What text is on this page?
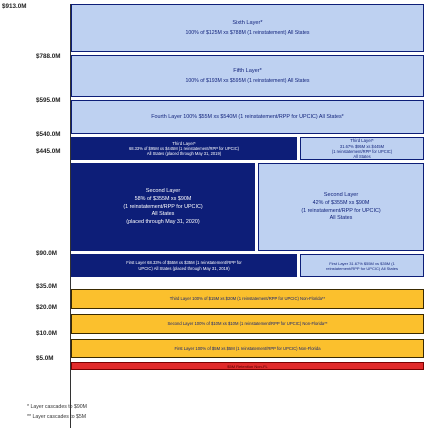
$913.0M
$788.0M
$595.0M
$540.0M
$445.0M
$90.0M
$35.0M
$20.0M
$10.0M
$5.0M
Sixth Layer*
100% of $125M xs $788M (1 reinstatement) All States
Fifth Layer*
100% of $193M xs $595M (1 reinstatement) All States
Fourth Layer 100% $55M xs $540M (1 reinstatement/RPP for UPCIC) All States*
Third Layer*
68.33% of $95M xs $445M (1 reinstatement/RPP for UPCIC)
All States (placed through May 31, 2019)
Third Layer*
31.67% $95M xs $445M
(1 reinstatement/RPP for UPCIC)
All States
Second Layer
58% of $355M xs $90M
(1 reinstatement/RPP for UPCIC)
All States
(placed through May 31, 2020)
Second Layer
42% of $355M xs $90M
(1 reinstatement/RPP for UPCIC)
All States
First Layer 68.33% of $55M xs $35M (1 reinstatement/RPP for
UPCIC) All States (placed through May 31, 2019)
First Layer 31.67% $55M xs $35M (1
reinstatement/RPP for UPCIC) All States
Third Layer 100% of $15M xs $20M (1 reinstatement/RPP for UPCIC) Non-Florida**
Second Layer 100% of $10M xs $10M (1 reinstatement/RPP for UPCIC) Non-Florida**
First Layer 100% of $5M xs $5M (1 reinstatement/RPP for UPCIC) Non-Florida
$5M Retention Non-FL
* Layer cascades to $90M
** Layer cascades to $5M
